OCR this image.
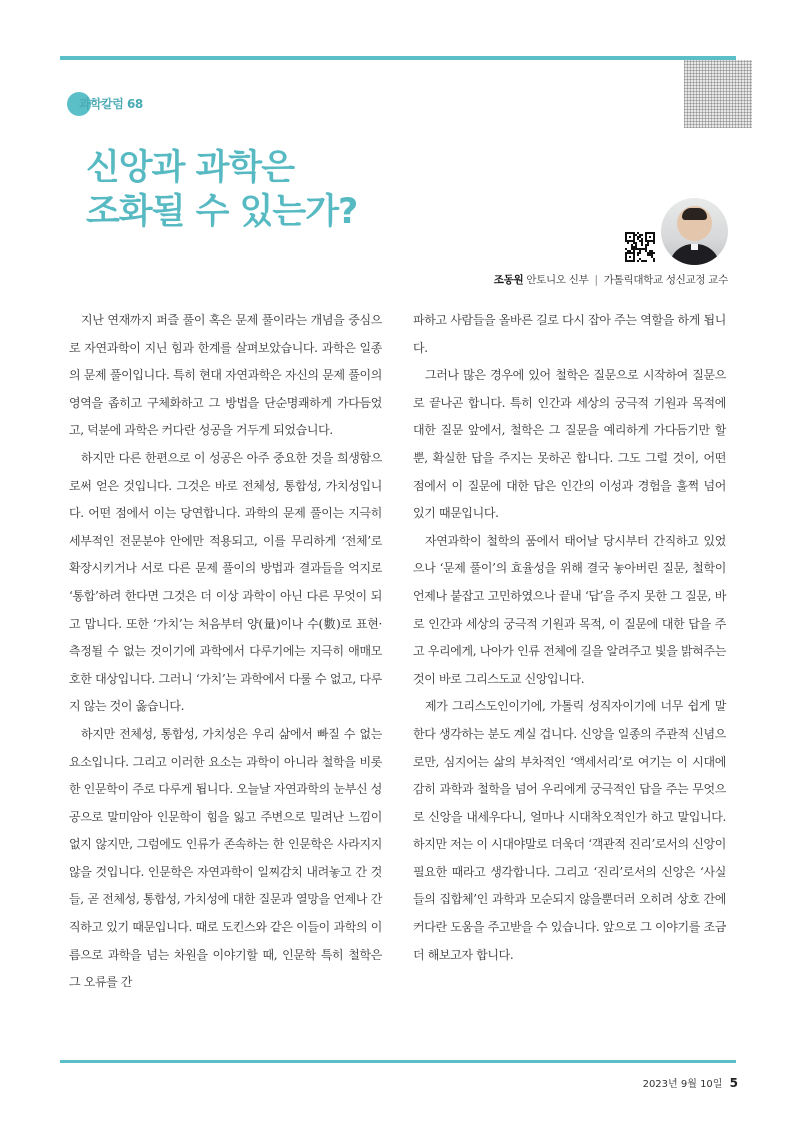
과학칼럼 68
신앙과 과학은
조화될 수 있는가?
조동원 안토니오 신부 | 가톨릭대학교 성신교정 교수

지난 연재까지 퍼즐 풀이 혹은 문제 풀이라는 개념을 중심으로 자연과학이 지닌 힘과 한계를 살펴보았습니다. 과학은 일종의 문제 풀이입니다. 특히 현대 자연과학은 자신의 문제 풀이의 영역을 좁히고 구체화하고 그 방법을 단순명쾌하게 가다듬었고, 덕분에 과학은 커다란 성공을 거두게 되었습니다.

하지만 다른 한편으로 이 성공은 아주 중요한 것을 희생함으로써 얻은 것입니다. 그것은 바로 전체성, 통합성, 가치성입니다. 어떤 점에서 이는 당연합니다. 과학의 문제 풀이는 지극히 세부적인 전문분야 안에만 적용되고, 이를 무리하게 ‘전체’로 확장시키거나 서로 다른 문제 풀이의 방법과 결과들을 억지로 ‘통합’하려 한다면 그것은 더 이상 과학이 아닌 다른 무엇이 되고 맙니다. 또한 ‘가치’는 처음부터 양(量)이나 수(數)로 표현·측정될 수 없는 것이기에 과학에서 다루기에는 지극히 애매모호한 대상입니다. 그러니 ‘가치’는 과학에서 다룰 수 없고, 다루지 않는 것이 옳습니다.

하지만 전체성, 통합성, 가치성은 우리 삶에서 빠질 수 없는 요소입니다. 그리고 이러한 요소는 과학이 아니라 철학을 비롯한 인문학이 주로 다루게 됩니다. 오늘날 자연과학의 눈부신 성공으로 말미암아 인문학이 힘을 잃고 주변으로 밀려난 느낌이 없지 않지만, 그럼에도 인류가 존속하는 한 인문학은 사라지지 않을 것입니다. 인문학은 자연과학이 일찌감치 내려놓고 간 것들, 곧 전체성, 통합성, 가치성에 대한 질문과 열망을 언제나 간직하고 있기 때문입니다. 때로 도킨스와 같은 이들이 과학의 이름으로 과학을 넘는 차원을 이야기할 때, 인문학 특히 철학은 그 오류를 간

파하고 사람들을 올바른 길로 다시 잡아 주는 역할을 하게 됩니다.

그러나 많은 경우에 있어 철학은 질문으로 시작하여 질문으로 끝나곤 합니다. 특히 인간과 세상의 궁극적 기원과 목적에 대한 질문 앞에서, 철학은 그 질문을 예리하게 가다듬기만 할 뿐, 확실한 답을 주지는 못하곤 합니다. 그도 그럴 것이, 어떤 점에서 이 질문에 대한 답은 인간의 이성과 경험을 훌쩍 넘어 있기 때문입니다.

자연과학이 철학의 품에서 태어날 당시부터 간직하고 있었으나 ‘문제 풀이’의 효율성을 위해 결국 놓아버린 질문, 철학이 언제나 붙잡고 고민하였으나 끝내 ‘답’을 주지 못한 그 질문, 바로 인간과 세상의 궁극적 기원과 목적, 이 질문에 대한 답을 주고 우리에게, 나아가 인류 전체에 길을 알려주고 빛을 밝혀주는 것이 바로 그리스도교 신앙입니다.

제가 그리스도인이기에, 가톨릭 성직자이기에 너무 쉽게 말한다 생각하는 분도 계실 겁니다. 신앙을 일종의 주관적 신념으로만, 심지어는 삶의 부차적인 ‘액세서리’로 여기는 이 시대에 감히 과학과 철학을 넘어 우리에게 궁극적인 답을 주는 무엇으로 신앙을 내세우다니, 얼마나 시대착오적인가 하고 말입니다. 하지만 저는 이 시대야말로 더욱더 ‘객관적 진리’로서의 신앙이 필요한 때라고 생각합니다. 그리고 ‘진리’로서의 신앙은 ‘사실들의 집합체’인 과학과 모순되지 않을뿐더러 오히려 상호 간에 커다란 도움을 주고받을 수 있습니다. 앞으로 그 이야기를 조금 더 해보고자 합니다.

2023년 9월 10일 5
